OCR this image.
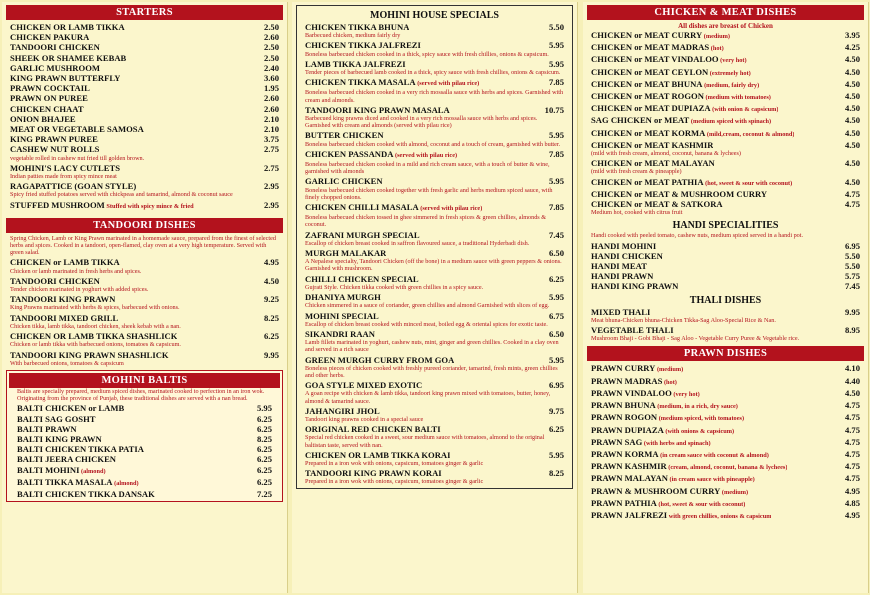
STARTERS
CHICKEN OR LAMB TIKKA	2.50
CHICKEN PAKURA	2.60
TANDOORI CHICKEN	2.50
SHEEK OR SHAMEE KEBAB	2.50
GARLIC MUSHROOM	2.40
KING PRAWN BUTTERFLY	3.60
PRAWN COCKTAIL	1.95
PRAWN ON PUREE	2.60
CHICKEN CHAAT	2.60
ONION BHAJEE	2.10
MEAT OR VEGETABLE SAMOSA	2.10
KING PRAWN PUREE	3.75
CASHEW NUT ROLLS	2.75
vegetable rolled in cashew nut fried till golden brown.
MOHINI'S LACY CUTLETS	2.75
Indian patties made from spicy mince meat
RAGAPATTICE (GOAN STYLE)	2.95
Spicy fried stuffed potatoes served with chickpeas and tamarind, almond & coconut sauce
STUFFED MUSHROOM Stuffed with spicy mince & fried	2.95
TANDOORI DISHES
Spring Chicken, Lamb or King Prawn marinated in a homemade sauce, prepared from the finest of selected herbs and spices. Cooked in a tandoori, open-flamed, clay oven at a very high temperature. Served with green salad.
CHICKEN or LAMB TIKKA	4.95
Chicken or lamb marinated in fresh herbs and spices.
TANDOORI CHICKEN	4.50
Tender chicken marinated in yoghurt with added spices.
TANDOORI KING PRAWN	9.25
King Prawns marinated with herbs & spices, barbecued with onions.
TANDOORI MIXED GRILL	8.25
Chicken tikka, lamb tikka, tandoori chicken, sheek kebab with a nan.
CHICKEN OR LAMB TIKKA SHASHLICK	6.25
Chicken or lamb tikka with barbecued onions, tomatoes & capsicum.
TANDOORI KING PRAWN SHASHLICK	9.95
With barbecued onions, tomatoes & capsicum
MOHINI BALTIS
Baltis are specially prepared, medium spiced dishes, marinated cooked to perfection in an iron wok. Originating from the province of Punjab, these traditional dishes are served with a nan bread.
BALTI CHICKEN or LAMB	5.95
BALTI SAG GOSHT	6.25
BALTI PRAWN	6.25
BALTI KING PRAWN	8.25
BALTI CHICKEN TIKKA PATIA	6.25
BALTI JEERA CHICKEN	6.25
BALTI MOHINI (almond)	6.25
BALTI TIKKA MASALA (almond)	6.25
BALTI CHICKEN TIKKA DANSAK	7.25
MOHINI HOUSE SPECIALS
CHICKEN TIKKA BHUNA	5.50
Barbecued chicken, medium fairly dry
CHICKEN TIKKA JALFREZI	5.95
Boneless barbecued chicken cooked in a thick, spicy sauce with fresh chillies, onions & capsicum.
LAMB TIKKA JALFREZI	5.95
Tender pieces of barbecued lamb cooked in a thick, spicy sauce with fresh chillies, onions & capsicum.
CHICKEN TIKKA MASALA (served with pilau rice)	7.85
Boneless barbecued chicken cooked in a very rich mossalla sauce with herbs and spices. Garnished with cream and almonds.
TANDOORI KING PRAWN MASALA	10.75
Barbecued king prawns diced and cooked in a very rich mossalla sauce with herbs and spices. Garnished with cream and almonds (served with pilau rice)
BUTTER CHICKEN	5.95
Boneless barbecued chicken cooked with almond, coconut and a touch of cream, garnished with butter.
CHICKEN PASSANDA (served with pilau rice)	7.85
Boneless barbecued chicken cooked in a mild and rich cream sauce, with a touch of butter & wine, garnished with almonds
GARLIC CHICKEN	5.95
Boneless barbecued chicken cooked together with fresh garlic and herbs medium spiced sauce, with finely chopped onions.
CHICKEN CHILLI MASALA (served with pilau rice)	7.85
Boneless barbecued chicken tossed in ghee simmered in fresh spices & green chillies, almonds & coconut.
ZAFRANI MURGH SPECIAL	7.45
Escallop of chicken breast cooked in saffron flavoured sauce, a traditional Hyderbadi dish.
MURGH MALAKAR	6.50
A Nepalese specialty, Tandoori Chicken (off the bone) in a medium sauce with green peppers & onions. Garnished with mushroom.
CHILLI CHICKEN SPECIAL	6.25
Gujrati Style. Chicken tikka cooked with green chillies in a spicy sauce.
DHANIYA MURGH	5.95
Chicken simmered in a sauce of coriander, green chillies and almond Garnished with slices of egg.
MOHINI SPECIAL	6.75
Escallop of chicken breast cooked with minced meat, boiled egg & oriental spices for exotic taste.
SIKANDRI RAAN	6.50
Lamb fillets marinated in yoghurt, cashew nuts, mint, ginger and green chillies. Cooked in a clay oven and served in a rich sauce
GREEN MURGH CURRY FROM GOA	5.95
Boneless pieces of chicken cooked with freshly pureed coriander, tamarind, fresh mints, green chillies and other herbs.
GOA STYLE MIXED EXOTIC	6.95
A goan recipe with chicken & lamb tikka, tandoori king prawn mixed with tomatoes, butter, honey, almond & tamarind sauce.
JAHANGIRI JHOL	9.75
Tandoori king prawns cooked in a special sauce
ORIGINAL RED CHICKEN BALTI	6.25
Special red chicken cooked in a sweet, sour medium sauce with tomatoes, almond to the original baltistan taste, served with nan.
CHICKEN OR LAMB TIKKA KORAI	5.95
Prepared in a iron wok with onions, capsicum, tomatoes ginger & garlic
TANDOORI KING PRAWN KORAI	8.25
Prepared in a iron wok with onions, capsicum, tomatoes ginger & garlic
CHICKEN & MEAT DISHES
All dishes are breast of Chicken
CHICKEN or MEAT CURRY (medium)	3.95
CHICKEN or MEAT MADRAS (hot)	4.25
CHICKEN or MEAT VINDALOO (very hot)	4.50
CHICKEN or MEAT CEYLON (extremely hot)	4.50
CHICKEN or MEAT BHUNA (medium, fairly dry)	4.50
CHICKEN or MEAT ROGON (medium with tomatoes)	4.50
CHICKEN or MEAT DUPIAZA (with onion & capsicum)	4.50
SAG CHICKEN or MEAT (medium spiced with spinach)	4.50
CHICKEN or MEAT KORMA (mild,cream, coconut & almond)	4.50
CHICKEN or MEAT KASHMIR	4.50
(mild with fresh cream, almond, coconut, banana & lychees)
CHICKEN or MEAT MALAYAN	4.50
(mild with fresh cream & pineapple)
CHICKEN or MEAT PATHIA (hot, sweet & sour with coconut)	4.50
CHICKEN or MEAT & MUSHROOM CURRY	4.75
CHICKEN or MEAT & SATKORA	4.75
Medium hot, cooked with citrus fruit
HANDI SPECIALITIES
Handi cooked with peeled tomato, cashew nuts, medium spiced served in a handi pot.
HANDI MOHINI	6.95
HANDI CHICKEN	5.50
HANDI MEAT	5.50
HANDI PRAWN	5.75
HANDI KING PRAWN	7.45
THALI DISHES
MIXED THALI	9.95
Meat bhuna-Chicken bhuna-Chicken Tikka-Sag Aloo-Special Rice & Nan.
VEGETABLE THALI	8.95
Mushroom Bhaji - Gobi Bhaji - Sag Aloo - Vegetable Curry Puree & Vegetable rice.
PRAWN DISHES
PRAWN CURRY (medium)	4.10
PRAWN MADRAS (hot)	4.40
PRAWN VINDALOO (very hot)	4.50
PRAWN BHUNA (medium, in a rich, dry sauce)	4.75
PRAWN ROGON (medium spiced, with tomatoes)	4.75
PRAWN DUPIAZA (with onions & capsicum)	4.75
PRAWN SAG (with herbs and spinach)	4.75
PRAWN KORMA (in cream sauce with coconut & almond)	4.75
PRAWN KASHMIR (cream, almond, coconut, banana & lychees)	4.75
PRAWN MALAYAN (in cream sauce with pineapple)	4.75
PRAWN & MUSHROOM CURRY (medium)	4.95
PRAWN PATHIA (hot, sweet & sour with coconut)	4.85
PRAWN JALFREZI with green chillies, onions & capsicum	4.95
